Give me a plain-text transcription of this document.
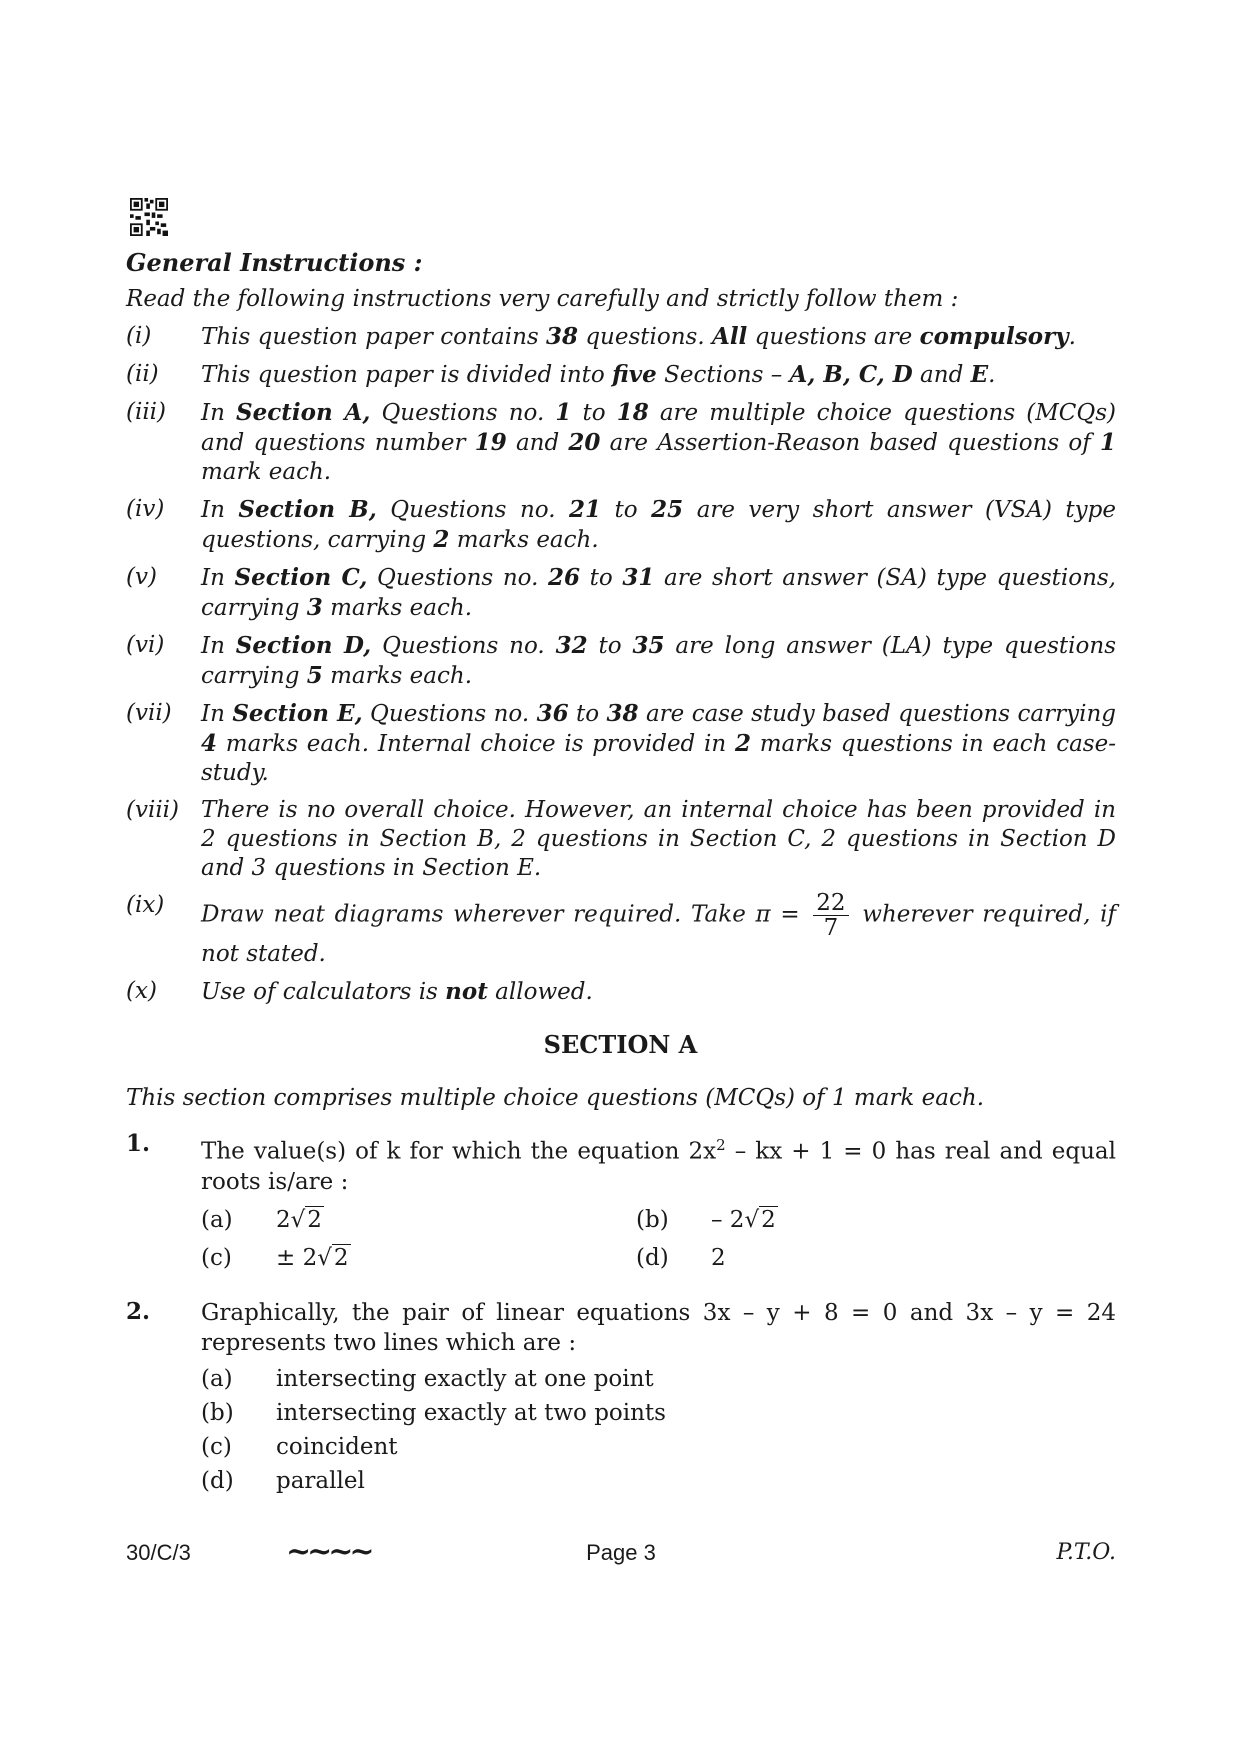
General Instructions :
Read the following instructions very carefully and strictly follow them :
(i)	This question paper contains 38 questions. All questions are compulsory.
(ii)	This question paper is divided into five Sections – A, B, C, D and E.
(iii)	In Section A, Questions no. 1 to 18 are multiple choice questions (MCQs) and questions number 19 and 20 are Assertion-Reason based questions of 1 mark each.
(iv)	In Section B, Questions no. 21 to 25 are very short answer (VSA) type questions, carrying 2 marks each.
(v)	In Section C, Questions no. 26 to 31 are short answer (SA) type questions, carrying 3 marks each.
(vi)	In Section D, Questions no. 32 to 35 are long answer (LA) type questions carrying 5 marks each.
(vii)	In Section E, Questions no. 36 to 38 are case study based questions carrying 4 marks each. Internal choice is provided in 2 marks questions in each case-study.
(viii) There is no overall choice. However, an internal choice has been provided in 2 questions in Section B, 2 questions in Section C, 2 questions in Section D and 3 questions in Section E.
(ix)	Draw neat diagrams wherever required. Take $\pi = \frac{22}{7}$ wherever required, if not stated.
(x)	Use of calculators is not allowed.
SECTION A
This section comprises multiple choice questions (MCQs) of 1 mark each.
1. The value(s) of k for which the equation $2x^2$ – kx + 1 = 0 has real and equal roots is/are :
(a)	2√2	(b)	– 2√2
(c)	± 2√2	(d)	2
2. Graphically, the pair of linear equations 3x – y + 8 = 0 and 3x – y = 24 represents two lines which are :
(a)	intersecting exactly at one point
(b)	intersecting exactly at two points
(c)	coincident
(d)	parallel
30/C/3	~~~~	Page 3	P.T.O.
